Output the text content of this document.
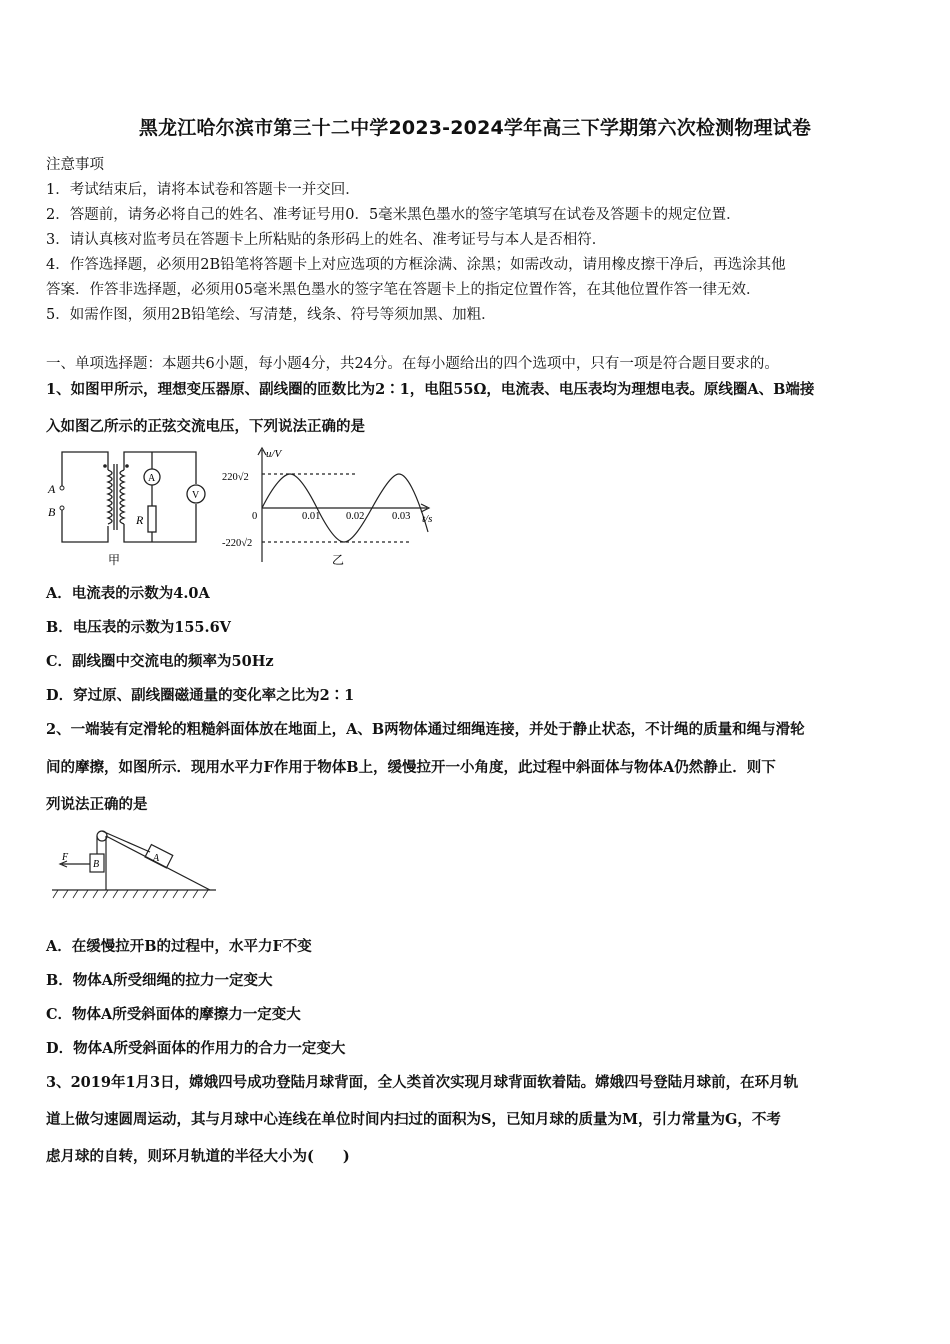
黑龙江哈尔滨市第三十二中学2023-2024学年高三下学期第六次检测物理试卷
注意事项
1．考试结束后，请将本试卷和答题卡一并交回．
2．答题前，请务必将自己的姓名、准考证号用0．5毫米黑色墨水的签字笔填写在试卷及答题卡的规定位置．
3．请认真核对监考员在答题卡上所粘贴的条形码上的姓名、准考证号与本人是否相符．
4．作答选择题，必须用2B铅笔将答题卡上对应选项的方框涂满、涂黑；如需改动，请用橡皮擦干净后，再选涂其他
答案．作答非选择题，必须用05毫米黑色墨水的签字笔在答题卡上的指定位置作答，在其他位置作答一律无效．
5．如需作图，须用2B铅笔绘、写清楚，线条、符号等须加黑、加粗．
一、单项选择题：本题共6小题，每小题4分，共24分。在每小题给出的四个选项中，只有一项是符合题目要求的。
1、如图甲所示，理想变压器原、副线圈的匝数比为2∶1，电阻55Ω，电流表、电压表均为理想电表。原线圈A、B端接
入如图乙所示的正弦交流电压，下列说法正确的是
A
B
A
V
R
甲
u/V
220√2
-220√2
0	0.01 0.02	0.03 t/s
乙
A．电流表的示数为4.0A
B．电压表的示数为155.6V
C．副线圈中交流电的频率为50Hz
D．穿过原、副线圈磁通量的变化率之比为2∶1
2、一端装有定滑轮的粗糙斜面体放在地面上，A、B两物体通过细绳连接，并处于静止状态，不计绳的质量和绳与滑轮
间的摩擦，如图所示．现用水平力F作用于物体B上，缓慢拉开一小角度，此过程中斜面体与物体A仍然静止．则下
列说法正确的是
F
B
A
A．在缓慢拉开B的过程中，水平力F不变
B．物体A所受细绳的拉力一定变大
C．物体A所受斜面体的摩擦力一定变大
D．物体A所受斜面体的作用力的合力一定变大
3、2019年1月3日，嫦娥四号成功登陆月球背面，全人类首次实现月球背面软着陆。嫦娥四号登陆月球前，在环月轨
道上做匀速圆周运动，其与月球中心连线在单位时间内扫过的面积为S，已知月球的质量为M，引力常量为G，不考
虑月球的自转，则环月轨道的半径大小为(　　)
